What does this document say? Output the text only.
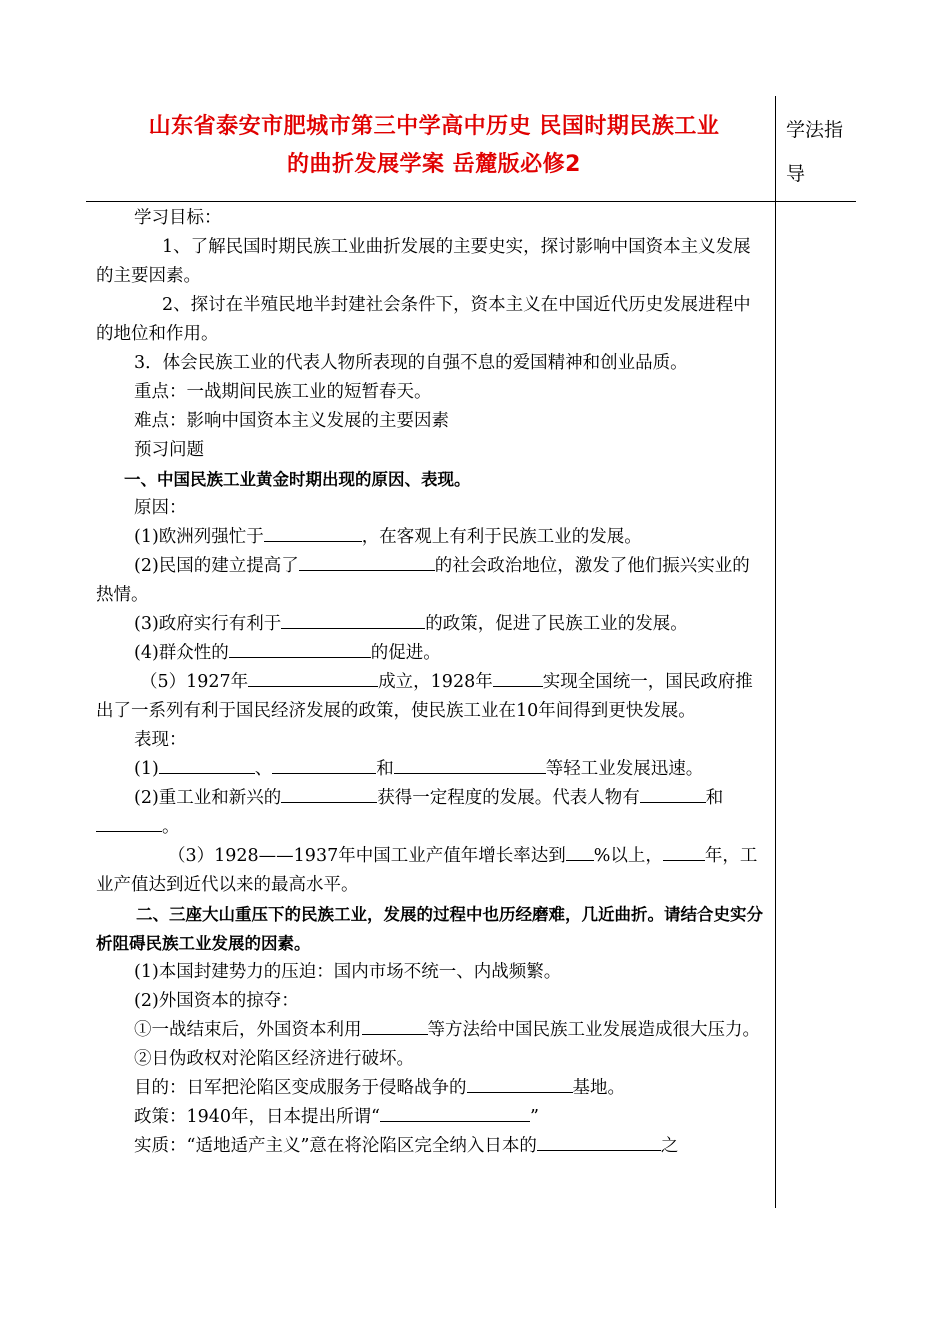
山东省泰安市肥城市第三中学高中历史 民国时期民族工业
的曲折发展学案 岳麓版必修2
学法指导

学习目标：

1、了解民国时期民族工业曲折发展的主要史实，探讨影响中国资本主义发展的主要因素。

2、探讨在半殖民地半封建社会条件下，资本主义在中国近代历史发展进程中的地位和作用。

3．体会民族工业的代表人物所表现的自强不息的爱国精神和创业品质。

重点：一战期间民族工业的短暂春天。

难点：影响中国资本主义发展的主要因素

预习问题

一、中国民族工业黄金时期出现的原因、表现。

原因：

(1)欧洲列强忙于	，在客观上有利于民族工业的发展。

(2)民国的建立提高了	的社会政治地位，激发了他们振兴实业的热情。

(3)政府实行有利于	的政策，促进了民族工业的发展。

(4)群众性的	的促进。

（5）1927年	成立，1928年	实现全国统一，国民政府推出了一系列有利于国民经济发展的政策，使民族工业在10年间得到更快发展。

表现：

(1)	、	和	等轻工业发展迅速。

(2)重工业和新兴的	获得一定程度的发展。代表人物有	和。

（3）1928——1937年中国工业产值年增长率达到 %以上， 年，工业产值达到近代以来的最高水平。

二、三座大山重压下的民族工业，发展的过程中也历经磨难，几近曲折。请结合史实分析阻碍民族工业发展的因素。

(1)本国封建势力的压迫：国内市场不统一、内战频繁。

(2)外国资本的掠夺：

①一战结束后，外国资本利用	等方法给中国民族工业发展造成很大压力。

②日伪政权对沦陷区经济进行破坏。

目的：日军把沦陷区变成服务于侵略战争的	基地。

政策：1940年，日本提出所谓“	”

实质：“适地适产主义”意在将沦陷区完全纳入日本的	之
